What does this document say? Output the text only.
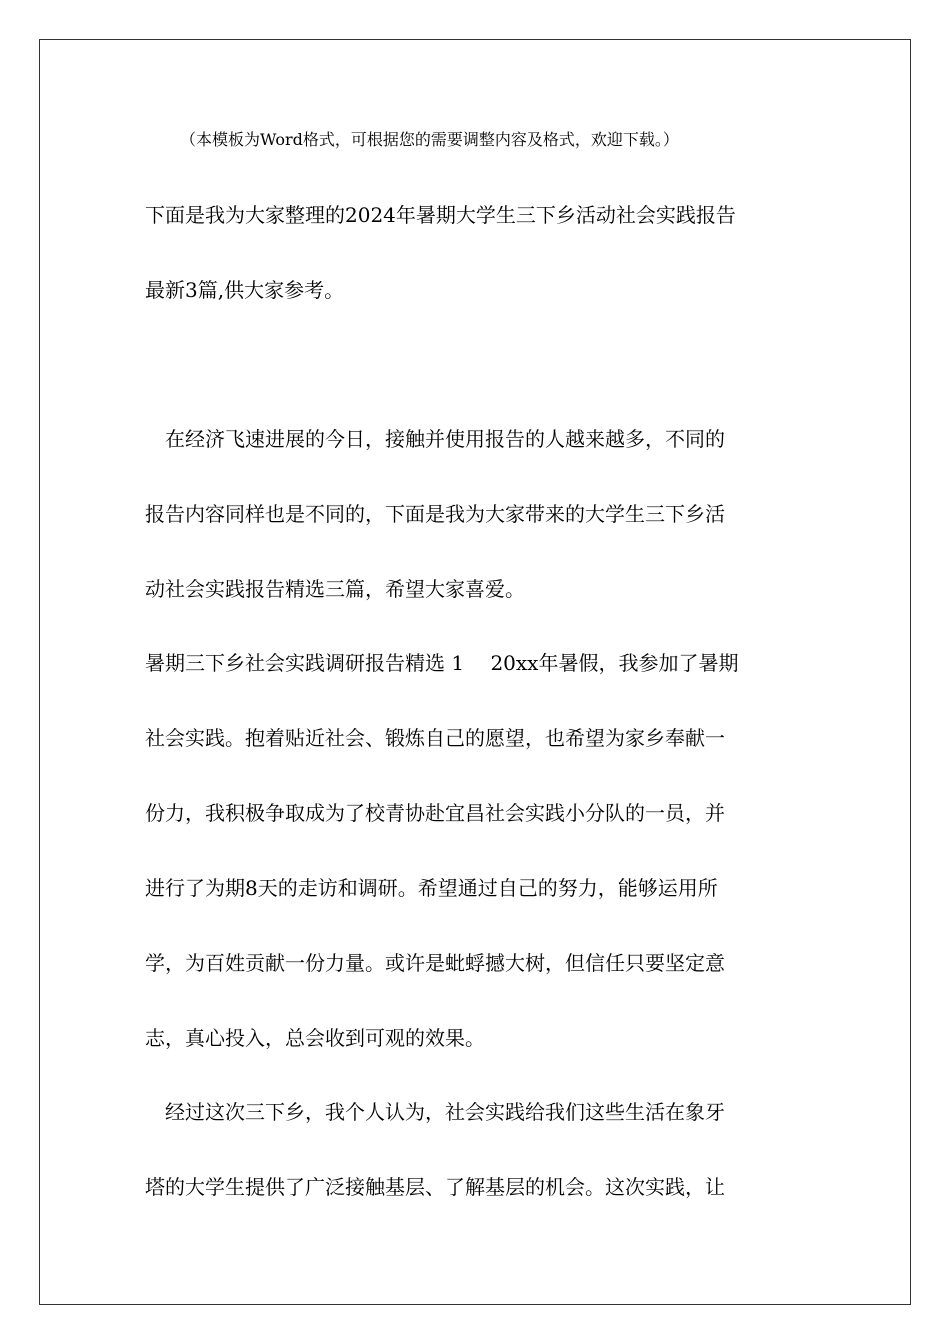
（本模板为Word格式，可根据您的需要调整内容及格式，欢迎下载。）
下面是我为大家整理的2024年暑期大学生三下乡活动社会实践报告
最新3篇,供大家参考。
　在经济飞速进展的今日，接触并使用报告的人越来越多，不同的
报告内容同样也是不同的，下面是我为大家带来的大学生三下乡活
动社会实践报告精选三篇，希望大家喜爱。
暑期三下乡社会实践调研报告精选 1　 20xx年暑假，我参加了暑期
社会实践。抱着贴近社会、锻炼自己的愿望，也希望为家乡奉献一
份力，我积极争取成为了校青协赴宜昌社会实践小分队的一员，并
进行了为期8天的走访和调研。希望通过自己的努力，能够运用所
学，为百姓贡献一份力量。或许是蚍蜉撼大树，但信任只要坚定意
志，真心投入，总会收到可观的效果。
　经过这次三下乡，我个人认为，社会实践给我们这些生活在象牙
塔的大学生提供了广泛接触基层、了解基层的机会。这次实践，让
